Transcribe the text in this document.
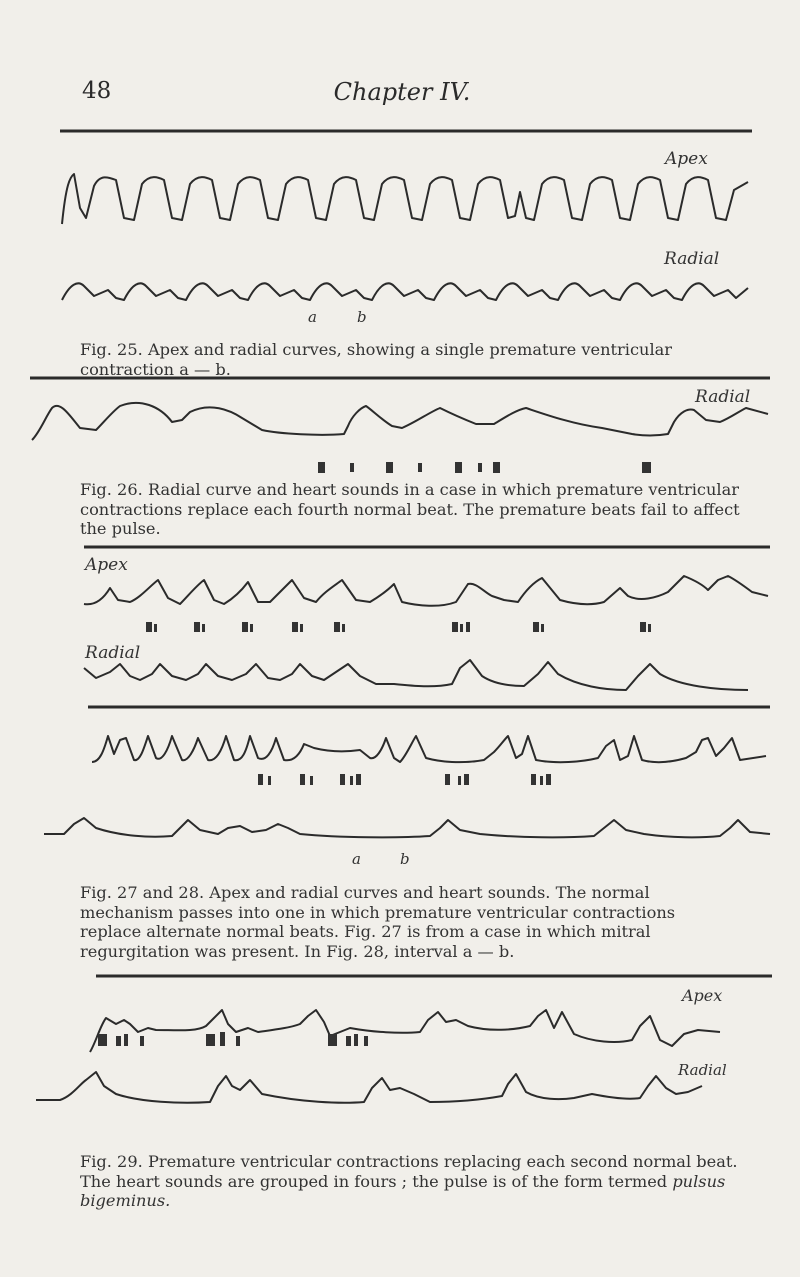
48	Chapter IV.
Apex
Radial
a	b
Fig. 25. Apex and radial curves, showing a single premature ventricular contraction a — b.
Radial
Fig. 26. Radial curve and heart sounds in a case in which premature ventricular contractions replace each fourth normal beat. The premature beats fail to affect the pulse.
Apex
Radial
a	b
Fig. 27 and 28. Apex and radial curves and heart sounds. The normal mechanism passes into one in which premature ventricular contractions replace alternate normal beats. Fig. 27 is from a case in which mitral regurgitation was present. In Fig. 28, interval a — b.
Apex
Radial
Fig. 29. Premature ventricular contractions replacing each second normal beat. The heart sounds are grouped in fours ; the pulse is of the form termed pulsus bigeminus.
